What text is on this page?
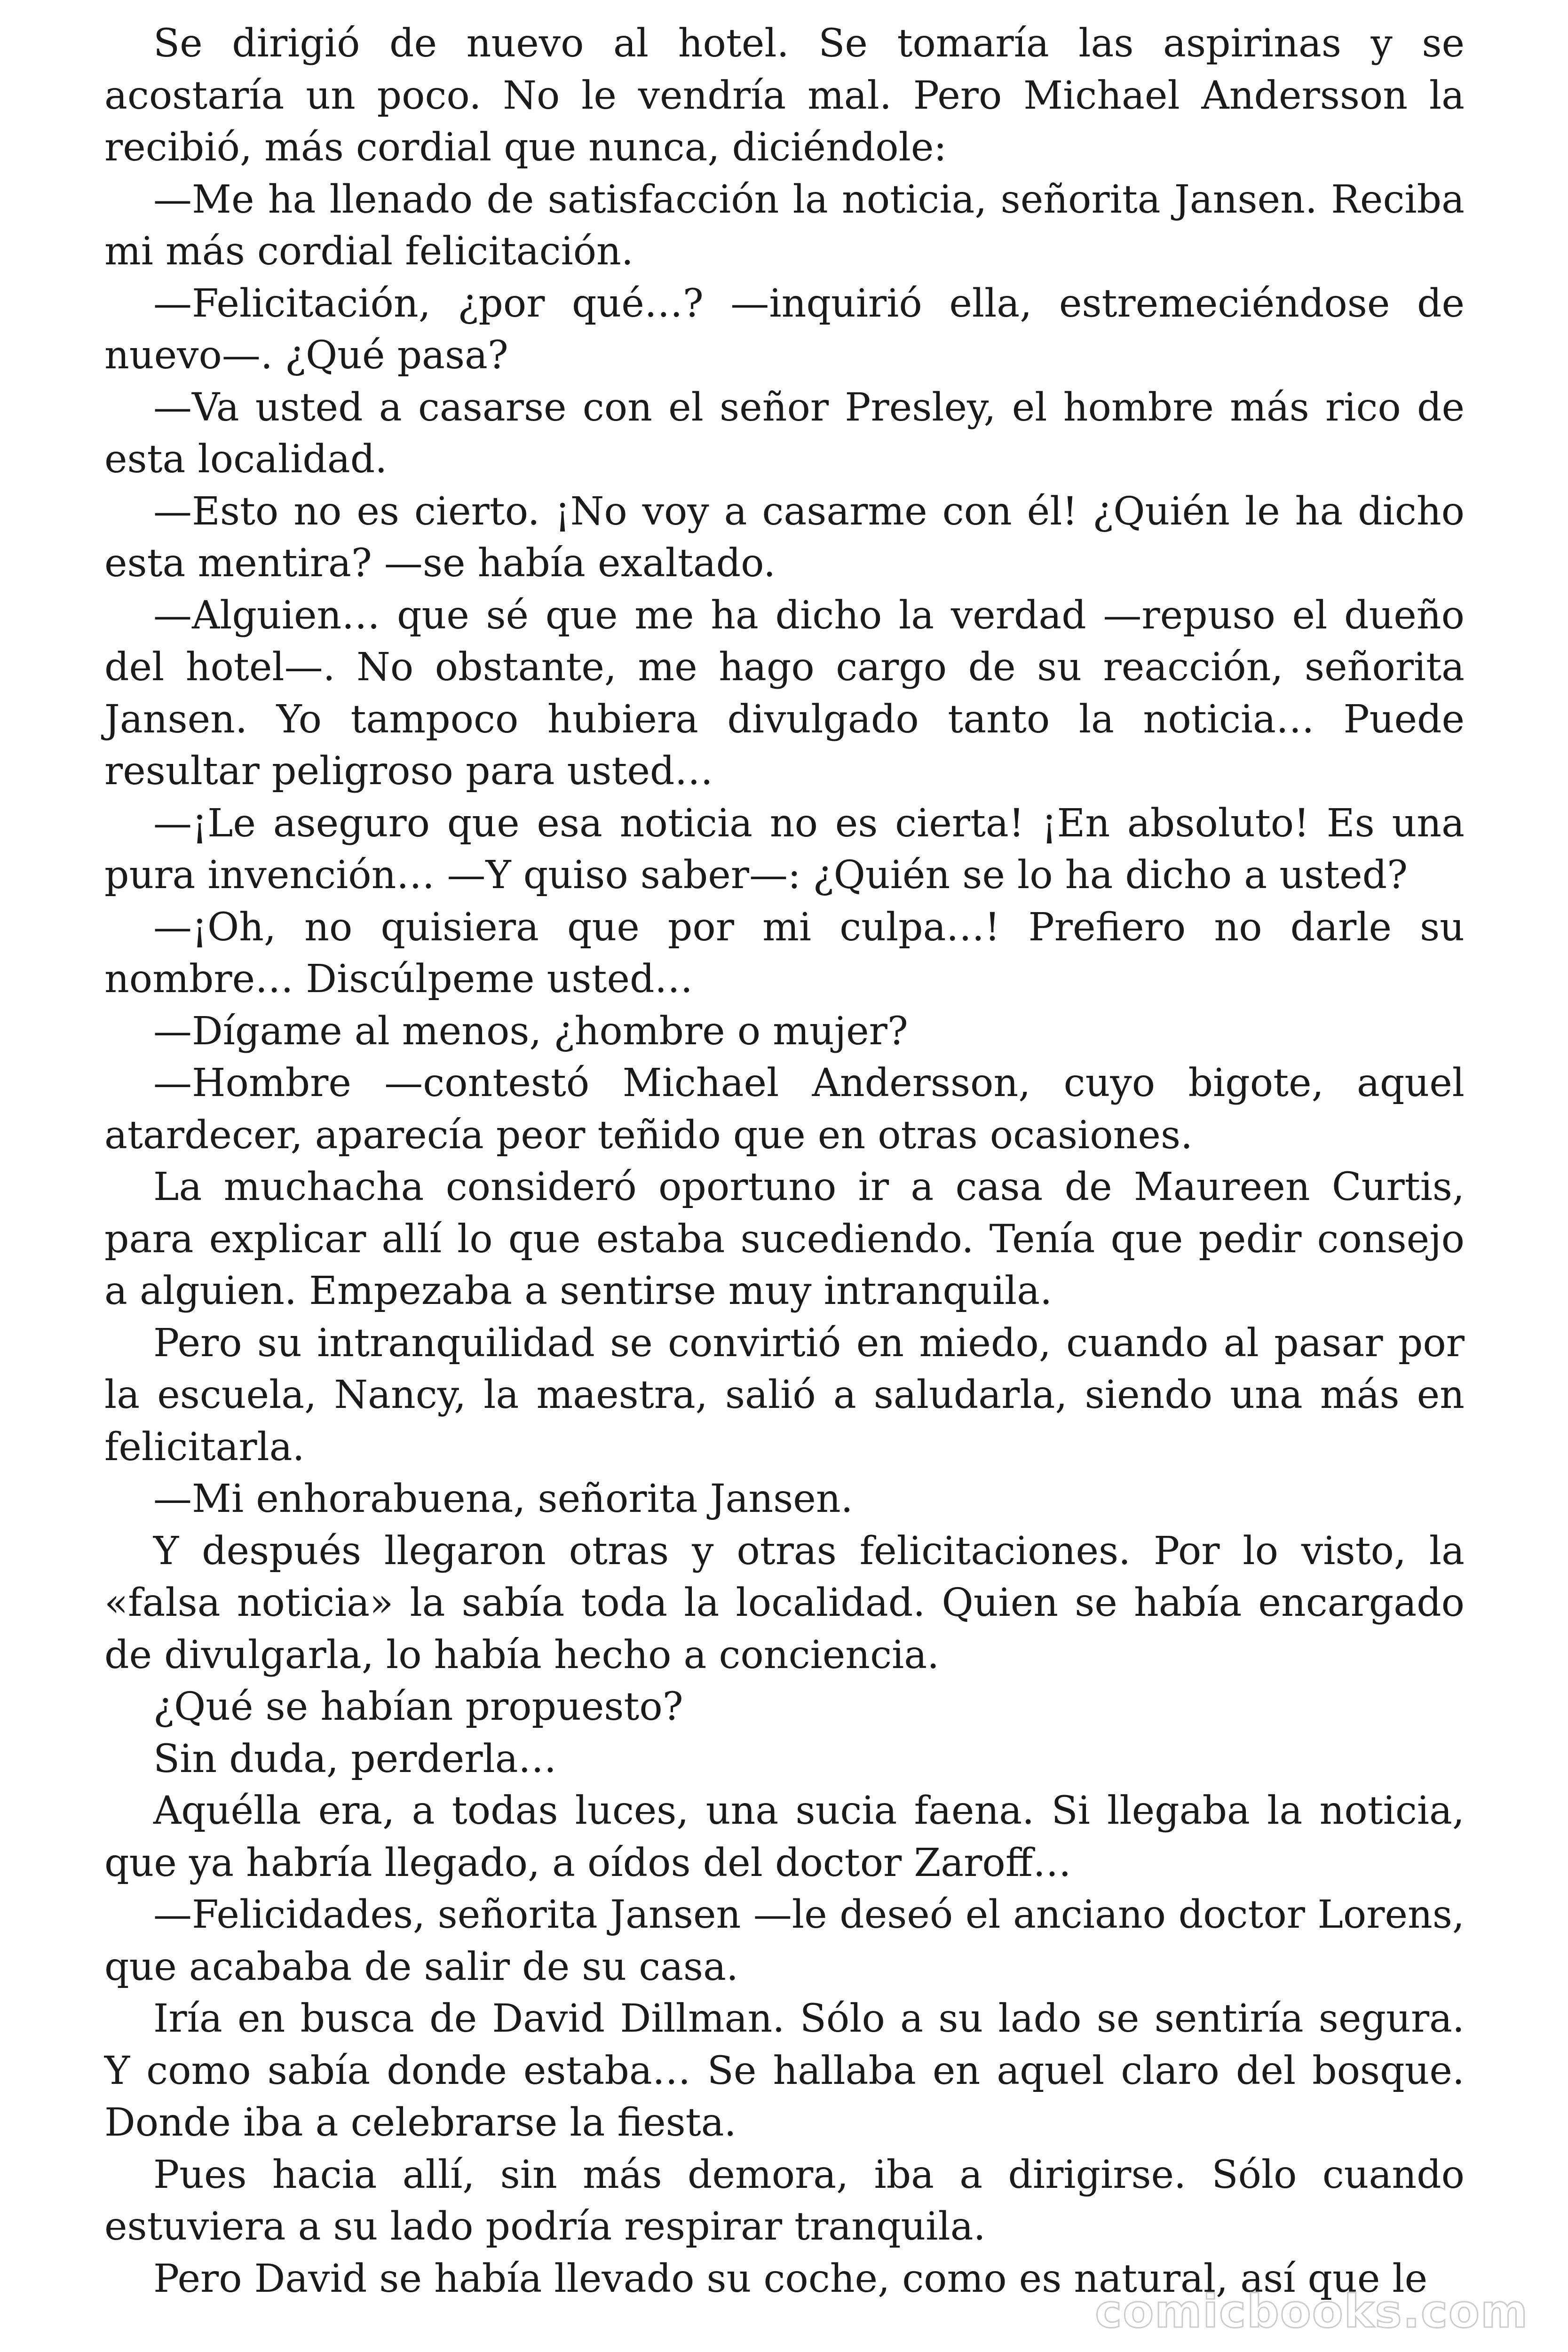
Se dirigió de nuevo al hotel. Se tomaría las aspirinas y se acostaría un poco. No le vendría mal. Pero Michael Andersson la recibió, más cordial que nunca, diciéndole:

—Me ha llenado de satisfacción la noticia, señorita Jansen. Reciba mi más cordial felicitación.

—Felicitación, ¿por qué…? —inquirió ella, estremeciéndose de nuevo—. ¿Qué pasa?

—Va usted a casarse con el señor Presley, el hombre más rico de esta localidad.

—Esto no es cierto. ¡No voy a casarme con él! ¿Quién le ha dicho esta mentira? —se había exaltado.

—Alguien… que sé que me ha dicho la verdad —repuso el dueño del hotel—. No obstante, me hago cargo de su reacción, señorita Jansen. Yo tampoco hubiera divulgado tanto la noticia… Puede resultar peligroso para usted…

—¡Le aseguro que esa noticia no es cierta! ¡En absoluto! Es una pura invención… —Y quiso saber—: ¿Quién se lo ha dicho a usted?

—¡Oh, no quisiera que por mi culpa…! Prefiero no darle su nombre… Discúlpeme usted…

—Dígame al menos, ¿hombre o mujer?

—Hombre —contestó Michael Andersson, cuyo bigote, aquel atardecer, aparecía peor teñido que en otras ocasiones.

La muchacha consideró oportuno ir a casa de Maureen Curtis, para explicar allí lo que estaba sucediendo. Tenía que pedir consejo a alguien. Empezaba a sentirse muy intranquila.

Pero su intranquilidad se convirtió en miedo, cuando al pasar por la escuela, Nancy, la maestra, salió a saludarla, siendo una más en felicitarla.

—Mi enhorabuena, señorita Jansen.

Y después llegaron otras y otras felicitaciones. Por lo visto, la «falsa noticia» la sabía toda la localidad. Quien se había encargado de divulgarla, lo había hecho a conciencia.

¿Qué se habían propuesto?

Sin duda, perderla…

Aquélla era, a todas luces, una sucia faena. Si llegaba la noticia, que ya habría llegado, a oídos del doctor Zaroff…

—Felicidades, señorita Jansen —le deseó el anciano doctor Lorens, que acababa de salir de su casa.

Iría en busca de David Dillman. Sólo a su lado se sentiría segura. Y como sabía donde estaba… Se hallaba en aquel claro del bosque. Donde iba a celebrarse la fiesta.

Pues hacia allí, sin más demora, iba a dirigirse. Sólo cuando estuviera a su lado podría respirar tranquila.

Pero David se había llevado su coche, como es natural, así que le

comicbooks.com
